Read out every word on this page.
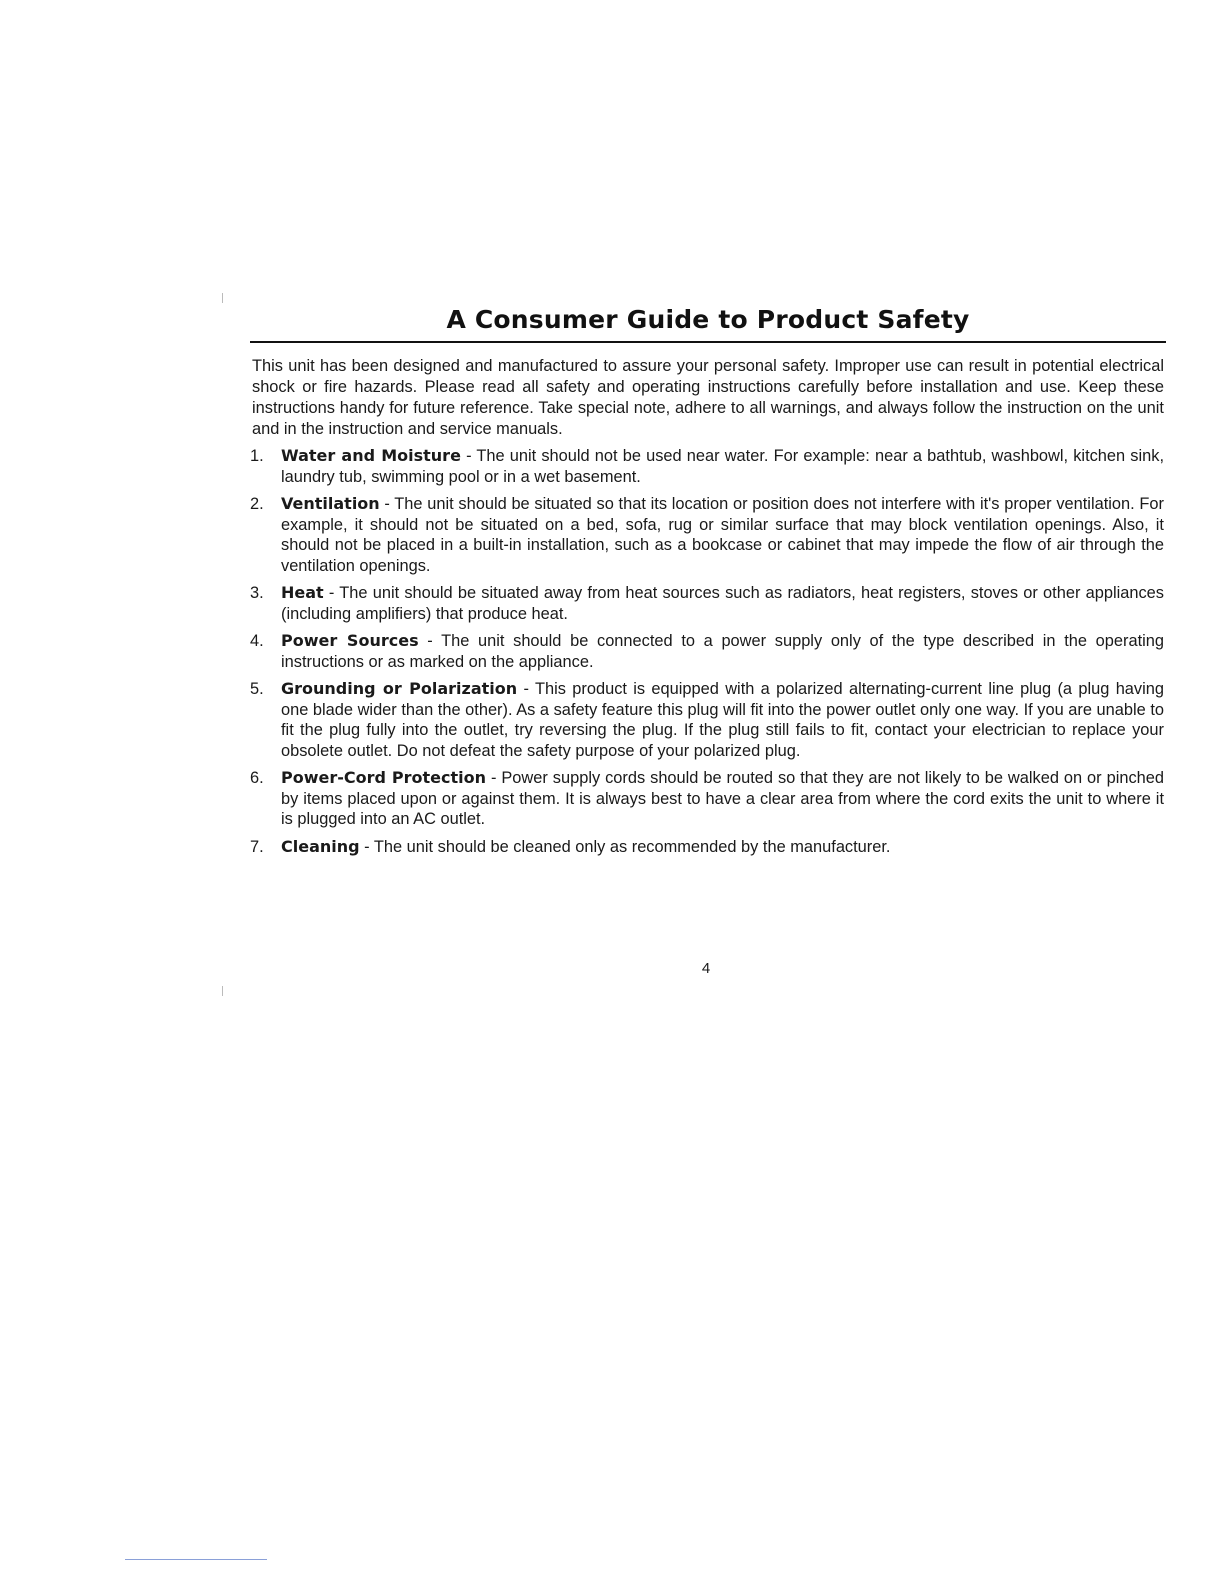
A Consumer Guide to Product Safety

This unit has been designed and manufactured to assure your personal safety. Improper use can result in potential electrical shock or fire hazards. Please read all safety and operating instructions carefully before installation and use. Keep these instructions handy for future reference. Take special note, adhere to all warnings, and always follow the instruction on the unit and in the instruction and service manuals.

1. Water and Moisture - The unit should not be used near water. For example: near a bathtub, washbowl, kitchen sink, laundry tub, swimming pool or in a wet basement.
2. Ventilation - The unit should be situated so that its location or position does not interfere with it's proper ventilation. For example, it should not be situated on a bed, sofa, rug or similar surface that may block ventilation openings. Also, it should not be placed in a built-in installation, such as a bookcase or cabinet that may impede the flow of air through the ventilation openings.
3. Heat - The unit should be situated away from heat sources such as radiators, heat registers, stoves or other appliances (including amplifiers) that produce heat.
4. Power Sources - The unit should be connected to a power supply only of the type described in the operating instructions or as marked on the appliance.
5. Grounding or Polarization - This product is equipped with a polarized alternating-current line plug (a plug having one blade wider than the other). As a safety feature this plug will fit into the power outlet only one way. If you are unable to fit the plug fully into the outlet, try reversing the plug. If the plug still fails to fit, contact your electrician to replace your obsolete outlet. Do not defeat the safety purpose of your polarized plug.
6. Power-Cord Protection - Power supply cords should be routed so that they are not likely to be walked on or pinched by items placed upon or against them. It is always best to have a clear area from where the cord exits the unit to where it is plugged into an AC outlet.
7. Cleaning - The unit should be cleaned only as recommended by the manufacturer.
4
